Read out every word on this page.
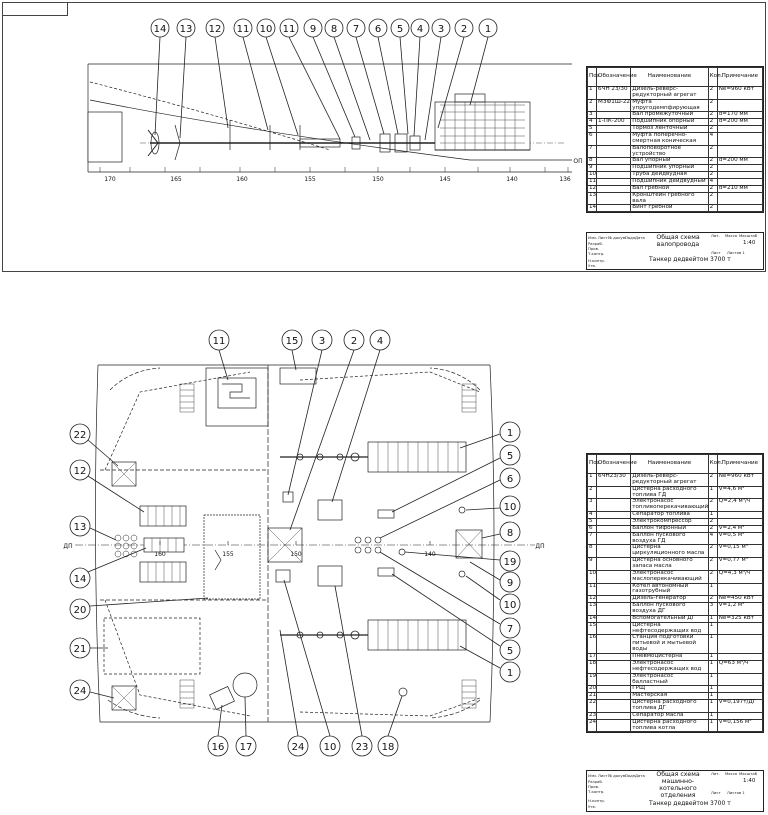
14 13 12 11 10 11 9 8 7 6 5 4 3 2 1
170	165	160	155	150	145	140	136
ОП
11	15 3	2 4
22
12
13
14
20
21
24
1
5
6
10
8
19
9
10
7
5
1
16 17	24 10 23 18
160	155	150	140
ДП	ДП
Поз.	Обозначение	Наименование	Кол.	Примечание
1	6ЧН 23/30	Дизель-реверс-редукторный агрегат	2	Ne=960 кВт
2	МЗФ1Ш-22	Муфта упругодемпфирующая	2	
3		Вал промежуточный	2	d=170 мм
4	1-ПК-200	Подшипник опорный	2	d=200 мм
5		Тормоз ленточный	2	
6		Муфта поперечно-смертная коническая	4	
7		Валоповоротное устройство	2	
8		Вал упорный	2	d=200 мм
9		Подшипник упорный	2	
10		Труба дейдвудная	2	
11		Подшипник дейдвудный	4	
12		Вал гребной	2	d=210 мм
13		Кронштейн гребного вала	2	
14		Винт гребной	2	
Изм. Лист № докум.
Подп.
Дата
Разраб.
Пров.
Т.контр.
Н.контр.
Утв.
Общая схема валопровода
Лит. Масса Масштаб
1:40
Лист Листов 1
Танкер дедвейтом 3700 т
Поз.	Обозначение	Наименование	Кол.	Примечание
1	6ЧН23/30	Дизель-реверс-редукторный агрегат	2	Ne=960 кВт
2		Цистерна расходного топлива ГД	1	V=4,6 м³
3		Электронасос топливоперекачивающий	2	Q=2,4 м³/ч
4		Сепаратор топлива	1	
5		Электрокомпрессор	2	
6		Баллон тифонный	2	V=2,4 м³
7		Баллон пускового воздуха ГД	4	V=0,5 м³
8		Цистерна циркуляционного масла	2	V=0,15 м³
9		Цистерна основного запаса масла	2	V=0,77 м³
10		Электронасос маслоперекачивающий	2	Q=4,3 м³/ч
11		Котел автономный газотрубный	1	
12		Дизель-генератор	2	Ne=450 кВт
13		Баллон пускового воздуха ДГ	3	V=1,2 м³
14		Вспомогательный ДГ	1	Ne=325 кВт
15		Цистерна нефтесодержащих вод	1	
16		Станция подготовки питьевой и мытьевой воды	1	
17		Пневмоцистерна	1	
18		Электронасос нефтесодержащих вод	1	Q=63 м³/ч
19		Электронасос балластный	1	
20		ГРЩ	1	
21		Мастерская	1	
22		Цистерна расходного топлива ДГ	1	V=0,197т/ДГ
23		Сепаратор масла	1	
24		Цистерна расходного топлива котла	1	V=0,156 м³
Изм. Лист № докум.
Подп.
Дата
Разраб.
Пров.
Т.контр.
Н.контр.
Утв.
Общая схема машинно-котельного отделения
Лит. Масса Масштаб
1:40
Лист Листов 1
Танкер дедвейтом 3700 т
